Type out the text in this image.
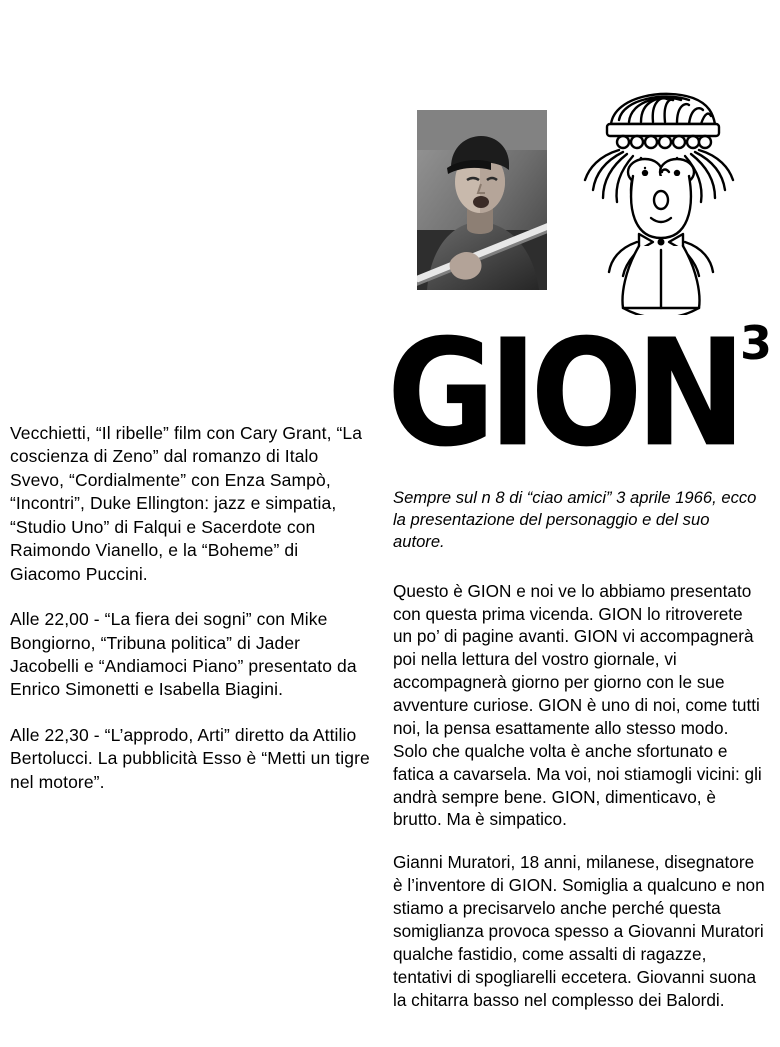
3
GION

Vecchietti, “Il ribelle” film con Cary Grant, “La coscienza di Zeno” dal romanzo di Italo Svevo, “Cordialmente” con Enza Sampò, “Incontri”, Duke Ellington: jazz e simpatia, “Studio Uno” di Falqui e Sacerdote con Raimondo Vianello, e la “Boheme” di Giacomo Puccini.

Alle 22,00 - “La fiera dei sogni” con Mike Bongiorno, “Tribuna politica” di Jader Jacobelli e “Andiamoci Piano” presentato da Enrico Simonetti e Isabella Biagini.

Alle 22,30 - “L’approdo, Arti” diretto da Attilio Bertolucci. La pubblicità Esso è “Metti un tigre nel motore”.

Sempre sul n 8 di “ciao amici” 3 aprile 1966, ecco la presentazione del personaggio e del suo autore.

Questo è GION e noi ve lo abbiamo presentato con questa prima vicenda. GION lo ritroverete un po’ di pagine avanti. GION vi accompagnerà poi nella lettura del vostro giornale, vi accompagnerà giorno per giorno con le sue avventure curiose. GION è uno di noi, come tutti noi, la pensa esattamente allo stesso modo. Solo che qualche volta è anche sfortunato e fatica a cavarsela. Ma voi, noi stiamogli vicini: gli andrà sempre bene. GION, dimenticavo, è brutto. Ma è simpatico.

Gianni Muratori, 18 anni, milanese, disegnatore è l’inventore di GION. Somiglia a qualcuno e non stiamo a precisarvelo anche perché questa somiglianza provoca spesso a Giovanni Muratori qualche fastidio, come assalti di ragazze, tentativi di spogliarelli eccetera. Giovanni suona la chitarra basso nel complesso dei Balordi.
